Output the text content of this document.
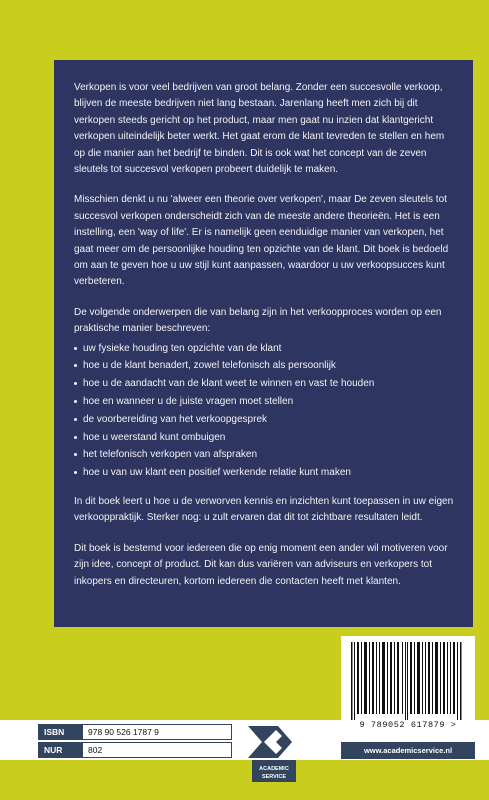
Verkopen is voor veel bedrijven van groot belang. Zonder een succesvolle verkoop, blijven de meeste bedrijven niet lang bestaan. Jarenlang heeft men zich bij dit verkopen steeds gericht op het product, maar men gaat nu inzien dat klantgericht verkopen uiteindelijk beter werkt. Het gaat erom de klant tevreden te stellen en hem op die manier aan het bedrijf te binden. Dit is ook wat het concept van de zeven sleutels tot succesvol verkopen probeert duidelijk te maken.

Misschien denkt u nu 'alweer een theorie over verkopen', maar De zeven sleutels tot succesvol verkopen onderscheidt zich van de meeste andere theorieën. Het is een instelling, een 'way of life'. Er is namelijk geen eenduidige manier van verkopen, het gaat meer om de persoonlijke houding ten opzichte van de klant. Dit boek is bedoeld om aan te geven hoe u uw stijl kunt aanpassen, waardoor u uw verkoopsucces kunt verbeteren.

De volgende onderwerpen die van belang zijn in het verkoopproces worden op een praktische manier beschreven:

uw fysieke houding ten opzichte van de klant
hoe u de klant benadert, zowel telefonisch als persoonlijk
hoe u de aandacht van de klant weet te winnen en vast te houden
hoe en wanneer u de juiste vragen moet stellen
de voorbereiding van het verkoopgesprek
hoe u weerstand kunt ombuigen
het telefonisch verkopen van afspraken
hoe u van uw klant een positief werkende relatie kunt maken

In dit boek leert u hoe u de verworven kennis en inzichten kunt toepassen in uw eigen verkooppraktijk. Sterker nog: u zult ervaren dat dit tot zichtbare resultaten leidt.

Dit boek is bestemd voor iedereen die op enig moment een ander wil motiveren voor zijn idee, concept of product. Dit kan dus variëren van adviseurs en verkopers tot inkopers en directeuren, kortom iedereen die contacten heeft met klanten.

9 789052 617879 >
ISBN	978 90 526 1787 9
NUR	802
ACADEMIC
SERVICE
www.academicservice.nl
